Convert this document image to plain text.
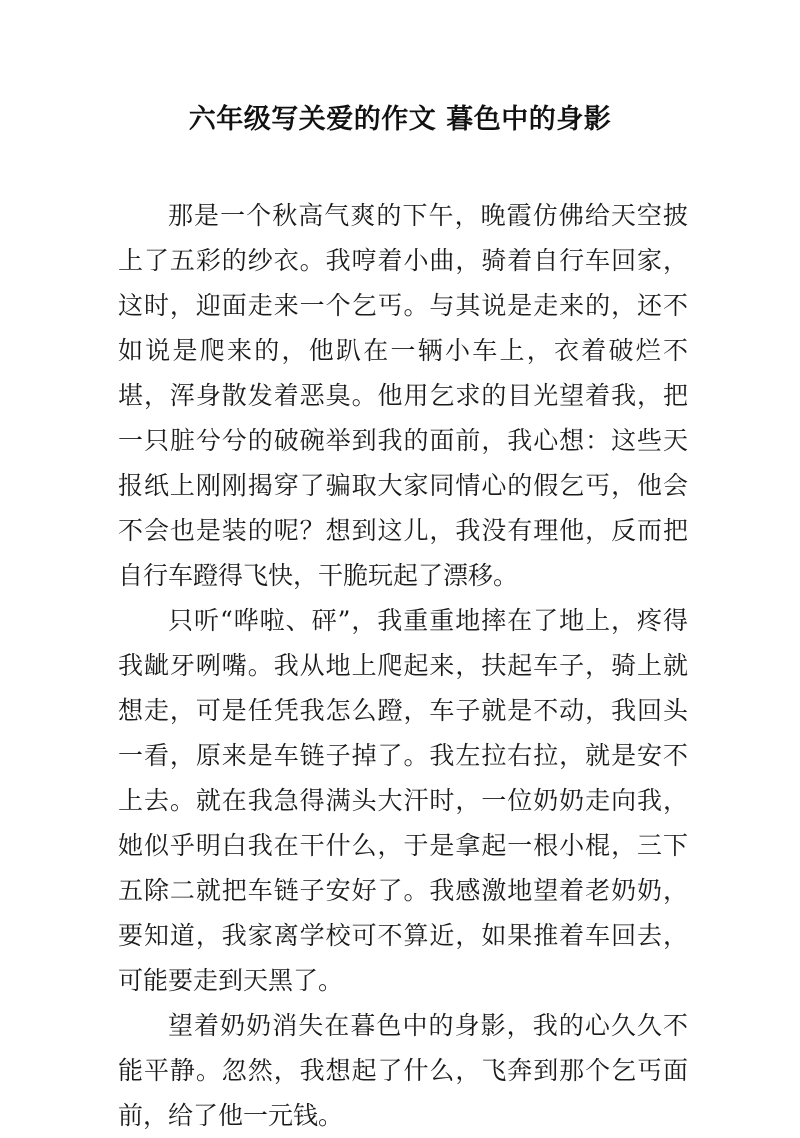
六年级写关爱的作文 暮色中的身影

那是一个秋高气爽的下午，晚霞仿佛给天空披上了五彩的纱衣。我哼着小曲，骑着自行车回家，这时，迎面走来一个乞丐。与其说是走来的，还不如说是爬来的，他趴在一辆小车上，衣着破烂不堪，浑身散发着恶臭。他用乞求的目光望着我，把一只脏兮兮的破碗举到我的面前，我心想：这些天报纸上刚刚揭穿了骗取大家同情心的假乞丐，他会不会也是装的呢？想到这儿，我没有理他，反而把自行车蹬得飞快，干脆玩起了漂移。

只听“哗啦、砰”，我重重地摔在了地上，疼得我龇牙咧嘴。我从地上爬起来，扶起车子，骑上就想走，可是任凭我怎么蹬，车子就是不动，我回头一看，原来是车链子掉了。我左拉右拉，就是安不上去。就在我急得满头大汗时，一位奶奶走向我，她似乎明白我在干什么，于是拿起一根小棍，三下五除二就把车链子安好了。我感激地望着老奶奶，要知道，我家离学校可不算近，如果推着车回去，可能要走到天黑了。

望着奶奶消失在暮色中的身影，我的心久久不能平静。忽然，我想起了什么，飞奔到那个乞丐面前，给了他一元钱。
